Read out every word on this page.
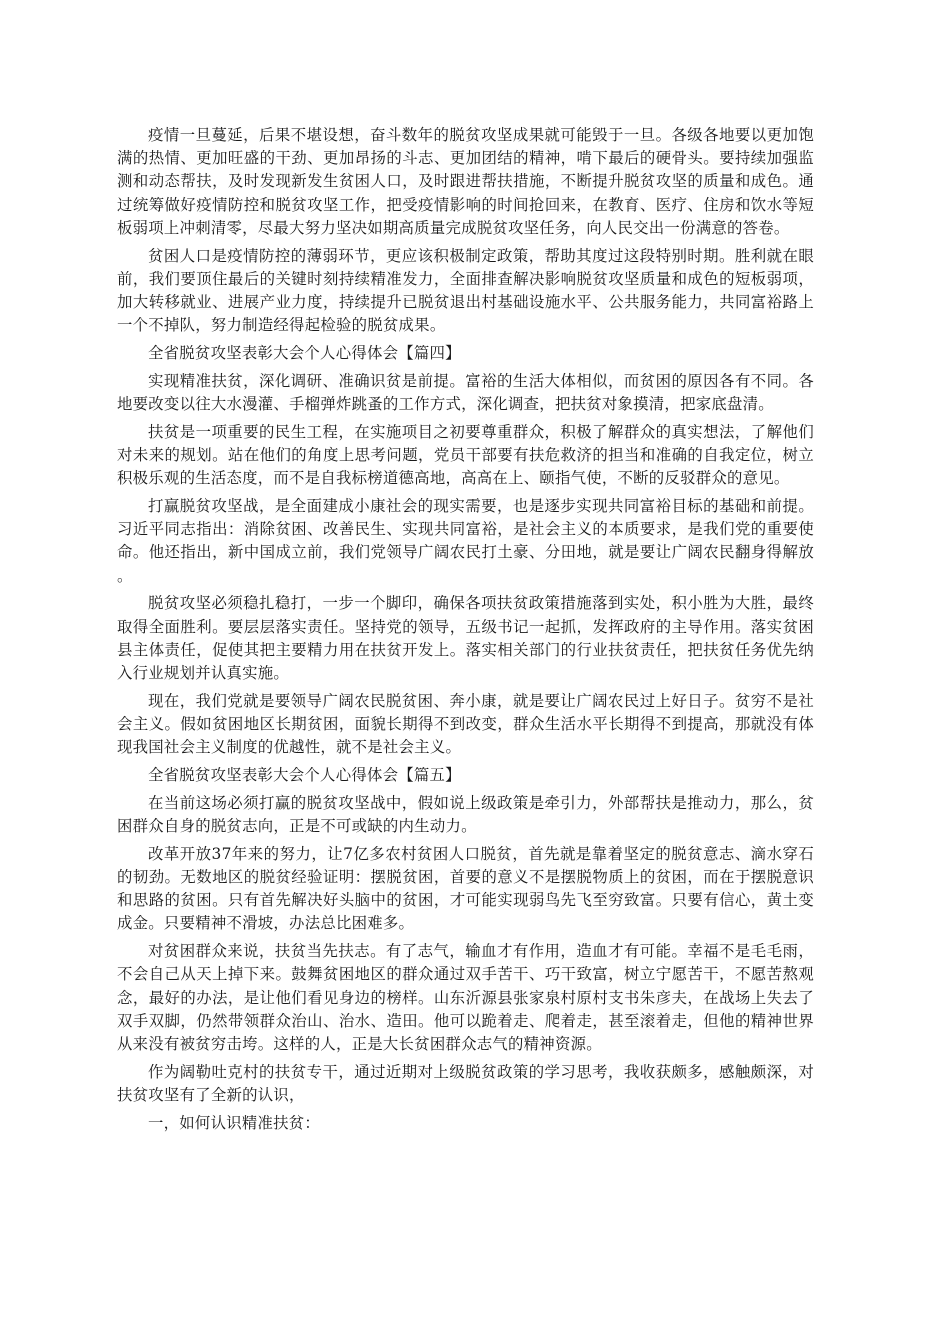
疫情一旦蔓延，后果不堪设想，奋斗数年的脱贫攻坚成果就可能毁于一旦。各级各地要以更加饱满的热情、更加旺盛的干劲、更加昂扬的斗志、更加团结的精神，啃下最后的硬骨头。要持续加强监测和动态帮扶，及时发现新发生贫困人口，及时跟进帮扶措施，不断提升脱贫攻坚的质量和成色。通过统筹做好疫情防控和脱贫攻坚工作，把受疫情影响的时间抢回来，在教育、医疗、住房和饮水等短板弱项上冲刺清零，尽最大努力坚决如期高质量完成脱贫攻坚任务，向人民交出一份满意的答卷。

贫困人口是疫情防控的薄弱环节，更应该积极制定政策，帮助其度过这段特别时期。胜利就在眼前，我们要顶住最后的关键时刻持续精准发力，全面排查解决影响脱贫攻坚质量和成色的短板弱项，加大转移就业、进展产业力度，持续提升已脱贫退出村基础设施水平、公共服务能力，共同富裕路上一个不掉队，努力制造经得起检验的脱贫成果。

全省脱贫攻坚表彰大会个人心得体会【篇四】

实现精准扶贫，深化调研、准确识贫是前提。富裕的生活大体相似，而贫困的原因各有不同。各地要改变以往大水漫灌、手榴弹炸跳蚤的工作方式，深化调查，把扶贫对象摸清，把家底盘清。

扶贫是一项重要的民生工程，在实施项目之初要尊重群众，积极了解群众的真实想法，了解他们对未来的规划。站在他们的角度上思考问题，党员干部要有扶危救济的担当和准确的自我定位，树立积极乐观的生活态度，而不是自我标榜道德高地，高高在上、颐指气使，不断的反驳群众的意见。

打赢脱贫攻坚战，是全面建成小康社会的现实需要，也是逐步实现共同富裕目标的基础和前提。习近平同志指出：消除贫困、改善民生、实现共同富裕，是社会主义的本质要求，是我们党的重要使命。他还指出，新中国成立前，我们党领导广阔农民打土豪、分田地，就是要让广阔农民翻身得解放。

脱贫攻坚必须稳扎稳打，一步一个脚印，确保各项扶贫政策措施落到实处，积小胜为大胜，最终取得全面胜利。要层层落实责任。坚持党的领导，五级书记一起抓，发挥政府的主导作用。落实贫困县主体责任，促使其把主要精力用在扶贫开发上。落实相关部门的行业扶贫责任，把扶贫任务优先纳入行业规划并认真实施。

现在，我们党就是要领导广阔农民脱贫困、奔小康，就是要让广阔农民过上好日子。贫穷不是社会主义。假如贫困地区长期贫困，面貌长期得不到改变，群众生活水平长期得不到提高，那就没有体现我国社会主义制度的优越性，就不是社会主义。

全省脱贫攻坚表彰大会个人心得体会【篇五】

在当前这场必须打赢的脱贫攻坚战中，假如说上级政策是牵引力，外部帮扶是推动力，那么，贫困群众自身的脱贫志向，正是不可或缺的内生动力。

改革开放37年来的努力，让7亿多农村贫困人口脱贫，首先就是靠着坚定的脱贫意志、滴水穿石的韧劲。无数地区的脱贫经验证明：摆脱贫困，首要的意义不是摆脱物质上的贫困，而在于摆脱意识和思路的贫困。只有首先解决好头脑中的贫困，才可能实现弱鸟先飞至穷致富。只要有信心，黄土变成金。只要精神不滑坡，办法总比困难多。

对贫困群众来说，扶贫当先扶志。有了志气，输血才有作用，造血才有可能。幸福不是毛毛雨，不会自己从天上掉下来。鼓舞贫困地区的群众通过双手苦干、巧干致富，树立宁愿苦干，不愿苦熬观念，最好的办法，是让他们看见身边的榜样。山东沂源县张家泉村原村支书朱彦夫，在战场上失去了双手双脚，仍然带领群众治山、治水、造田。他可以跪着走、爬着走，甚至滚着走，但他的精神世界从来没有被贫穷击垮。这样的人，正是大长贫困群众志气的精神资源。

作为阔勒吐克村的扶贫专干，通过近期对上级脱贫政策的学习思考，我收获颇多，感触颇深，对扶贫攻坚有了全新的认识，

一，如何认识精准扶贫：
